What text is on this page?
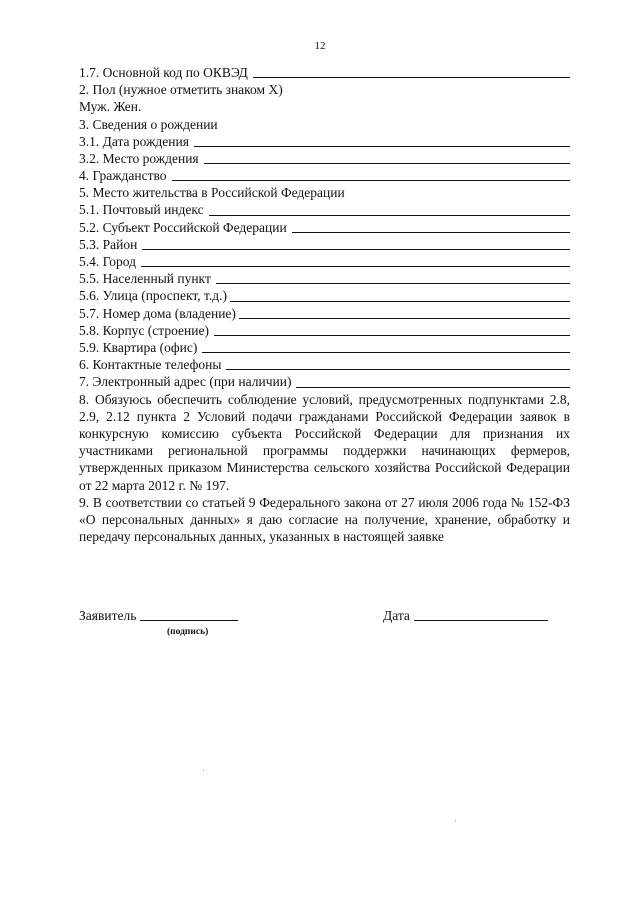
12
1.7. Основной код по ОКВЭД
2. Пол (нужное отметить знаком Х)
Муж. Жен.
3. Сведения о рождении
3.1. Дата рождения
3.2. Место рождения
4. Гражданство
5. Место жительства в Российской Федерации
5.1. Почтовый индекс
5.2. Субъект Российской Федерации
5.3. Район
5.4. Город
5.5. Населенный пункт
5.6. Улица (проспект, т.д.)
5.7. Номер дома (владение)
5.8. Корпус (строение)
5.9. Квартира (офис)
6. Контактные телефоны
7. Электронный адрес (при наличии)
8. Обязуюсь обеспечить соблюдение условий, предусмотренных подпунктами 2.8, 2.9, 2.12 пункта 2 Условий подачи гражданами Российской Федерации заявок в конкурсную комиссию субъекта Российской Федерации для признания их участниками региональной программы поддержки начинающих фермеров, утвержденных приказом Министерства сельского хозяйства Российской Федерации от 22 марта 2012 г. № 197.
9. В соответствии со статьей 9 Федерального закона от 27 июля 2006 года № 152-ФЗ «О персональных данных» я даю согласие на получение, хранение, обработку и передачу персональных данных, указанных в настоящей заявке
Заявитель
(подпись)
Дата
